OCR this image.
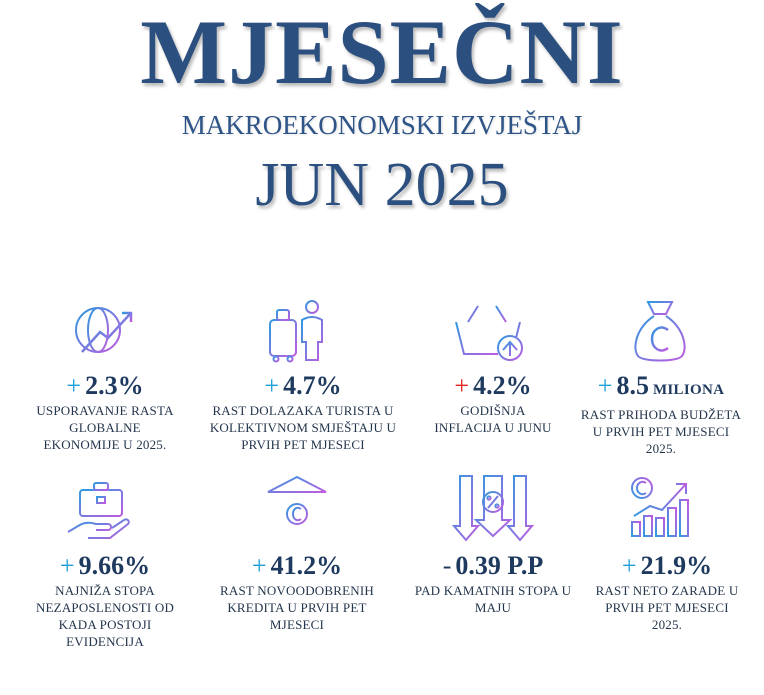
MJESEČNI
MAKROEKONOMSKI IZVJEŠTAJ
JUN 2025
+ 2.3%
USPORAVANJE RASTA GLOBALNE EKONOMIJE U 2025.
+ 4.7%
RAST DOLAZAKA TURISTA U KOLEKTIVNOM SMJEŠTAJU U PRVIH PET MJESECI
+ 4.2%
GODIŠNJA INFLACIJA U JUNU
+ 8.5 MILIONA
RAST PRIHODA BUDŽETA U PRVIH PET MJESECI 2025.
+ 9.66%
NAJNIŽA STOPA NEZAPOSLENOSTI OD KADA POSTOJI EVIDENCIJA
+ 41.2%
RAST NOVOODOBRENIH KREDITA U PRVIH PET MJESECI
- 0.39 P.P
PAD KAMATNIH STOPA U MAJU
+ 21.9%
RAST NETO ZARADE U PRVIH PET MJESECI 2025.
